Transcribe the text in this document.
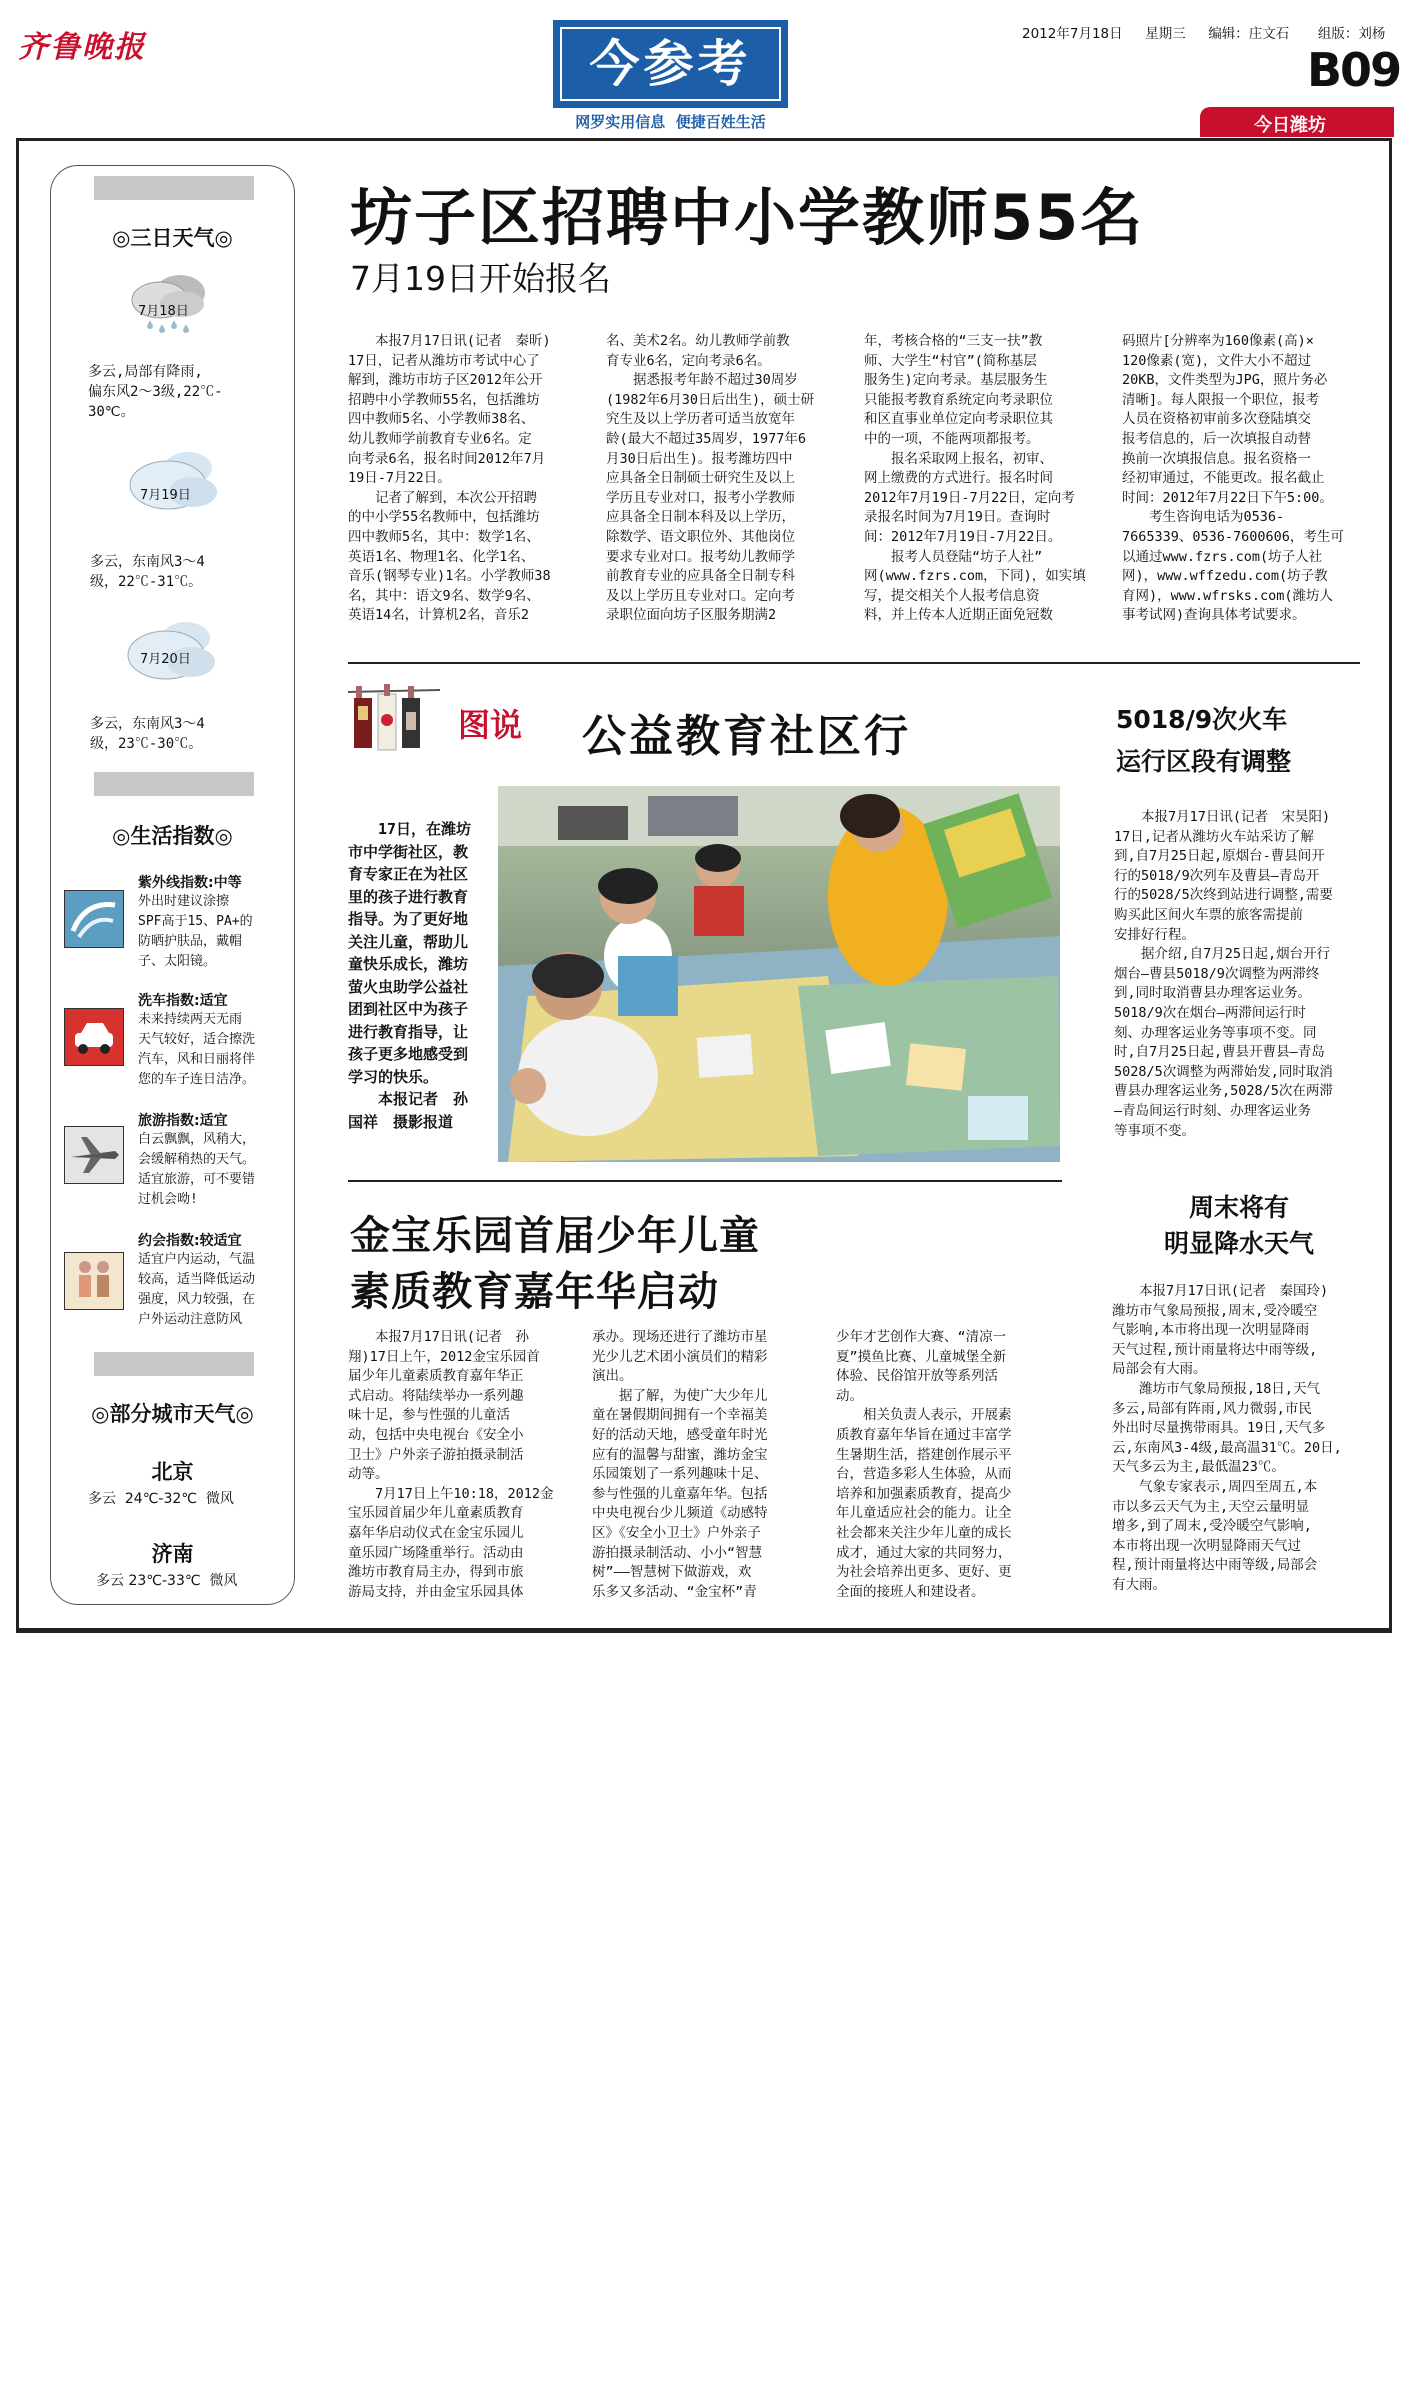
齐鲁晚报	今参考
网罗实用信息  便捷百姓生活
2012年7月18日 星期三 编辑：庄文石 组版：刘杨
B09
今日潍坊
◎三日天气◎
7月18日
多云,局部有降雨,
偏东风2～3级,22℃-
30℃。
7月19日
多云，东南风3～4
级，22℃-31℃。
7月20日
多云，东南风3～4
级，23℃-30℃。
◎生活指数◎
紫外线指数:中等
外出时建议涂擦
SPF高于15、PA+的
防晒护肤品，戴帽
子、太阳镜。
洗车指数:适宜
未来持续两天无雨
天气较好，适合擦洗
汽车，风和日丽将伴
您的车子连日洁净。
旅游指数:适宜
白云飘飘，风稍大，
会缓解稍热的天气。
适宜旅游，可不要错
过机会呦!
约会指数:较适宜
适宜户内运动，气温
较高，适当降低运动
强度，风力较强，在
户外运动注意防风
◎部分城市天气◎
北京
多云  24℃-32℃  微风
济南
多云 23℃-33℃  微风
坊子区招聘中小学教师55名
7月19日开始报名
　　本报7月17日讯(记者　秦昕)
17日，记者从潍坊市考试中心了
解到，潍坊市坊子区2012年公开
招聘中小学教师55名，包括潍坊
四中教师5名、小学教师38名、
幼儿教师学前教育专业6名。定
向考录6名，报名时间2012年7月
19日-7月22日。
　　记者了解到，本次公开招聘
的中小学55名教师中，包括潍坊
四中教师5名，其中：数学1名、
英语1名、物理1名、化学1名、
音乐(钢琴专业)1名。小学教师38
名，其中：语文9名、数学9名、
英语14名，计算机2名，音乐2
名、美术2名。幼儿教师学前教
育专业6名，定向考录6名。
　　据悉报考年龄不超过30周岁
(1982年6月30日后出生)，硕士研
究生及以上学历者可适当放宽年
龄(最大不超过35周岁，1977年6
月30日后出生)。报考潍坊四中
应具备全日制硕士研究生及以上
学历且专业对口，报考小学教师
应具备全日制本科及以上学历，
除数学、语文职位外、其他岗位
要求专业对口。报考幼儿教师学
前教育专业的应具备全日制专科
及以上学历且专业对口。定向考
录职位面向坊子区服务期满2
年，考核合格的“三支一扶”教
师、大学生“村官”(简称基层
服务生)定向考录。基层服务生
只能报考教育系统定向考录职位
和区直事业单位定向考录职位其
中的一项，不能两项都报考。
　　报名采取网上报名，初审、
网上缴费的方式进行。报名时间
2012年7月19日-7月22日，定向考
录报名时间为7月19日。查询时
间：2012年7月19日-7月22日。
　　报考人员登陆“坊子人社”
网(www.fzrs.com，下同)，如实填
写，提交相关个人报考信息资
料，并上传本人近期正面免冠数
码照片[分辨率为160像素(高)×
120像素(宽)，文件大小不超过
20KB，文件类型为JPG，照片务必
清晰]。每人限报一个职位，报考
人员在资格初审前多次登陆填交
报考信息的，后一次填报自动替
换前一次填报信息。报名资格一
经初审通过，不能更改。报名截止
时间：2012年7月22日下午5:00。
　　考生咨询电话为0536-
7665339、0536-7600606，考生可
以通过www.fzrs.com(坊子人社
网)，www.wffzedu.com(坊子教
育网)，www.wfrsks.com(潍坊人
事考试网)查询具体考试要求。
图说 公益教育社区行
　　17日，在潍坊
市中学街社区，教
育专家正在为社区
里的孩子进行教育
指导。为了更好地
关注儿童，帮助儿
童快乐成长，潍坊
萤火虫助学公益社
团到社区中为孩子
进行教育指导，让
孩子更多地感受到
学习的快乐。
　　本报记者　孙
国祥　摄影报道
5018/9次火车
运行区段有调整
　　本报7月17日讯(记者　宋昊阳)
17日,记者从潍坊火车站采访了解
到,自7月25日起,原烟台-曹县间开
行的5018/9次列车及曹县—青岛开
行的5028/5次终到站进行调整,需要
购买此区间火车票的旅客需提前
安排好行程。
　　据介绍,自7月25日起,烟台开行
烟台—曹县5018/9次调整为两滞终
到,同时取消曹县办理客运业务。
5018/9次在烟台—两滞间运行时
刻、办理客运业务等事项不变。同
时,自7月25日起,曹县开曹县—青岛
5028/5次调整为两滞始发,同时取消
曹县办理客运业务,5028/5次在两滞
—青岛间运行时刻、办理客运业务
等事项不变。
金宝乐园首届少年儿童
素质教育嘉年华启动
　　本报7月17日讯(记者　孙
翔)17日上午，2012金宝乐园首
届少年儿童素质教育嘉年华正
式启动。将陆续举办一系列趣
味十足，参与性强的儿童活
动，包括中央电视台《安全小
卫士》户外亲子游拍摄录制活
动等。
　　7月17日上午10:18，2012金
宝乐园首届少年儿童素质教育
嘉年华启动仪式在金宝乐园儿
童乐园广场隆重举行。活动由
潍坊市教育局主办，得到市旅
游局支持，并由金宝乐园具体
承办。现场还进行了潍坊市星
光少儿艺术团小演员们的精彩
演出。
　　据了解，为使广大少年儿
童在暑假期间拥有一个幸福美
好的活动天地，感受童年时光
应有的温馨与甜蜜，潍坊金宝
乐园策划了一系列趣味十足、
参与性强的儿童嘉年华。包括
中央电视台少儿频道《动感特
区》《安全小卫士》户外亲子
游拍摄录制活动、小小“智慧
树”——智慧树下做游戏，欢
乐多又多活动、“金宝杯”青
少年才艺创作大赛、“清凉一
夏”摸鱼比赛、儿童城堡全新
体验、民俗馆开放等系列活
动。
　　相关负责人表示，开展素
质教育嘉年华旨在通过丰富学
生暑期生活，搭建创作展示平
台，营造多彩人生体验，从而
培养和加强素质教育，提高少
年儿童适应社会的能力。让全
社会都来关注少年儿童的成长
成才，通过大家的共同努力，
为社会培养出更多、更好、更
全面的接班人和建设者。
周末将有
明显降水天气
　　本报7月17日讯(记者　秦国玲)
潍坊市气象局预报,周末,受冷暖空
气影响,本市将出现一次明显降雨
天气过程,预计雨量将达中雨等级,
局部会有大雨。
　　潍坊市气象局预报,18日,天气
多云,局部有阵雨,风力微弱,市民
外出时尽量携带雨具。19日,天气多
云,东南风3-4级,最高温31℃。20日,
天气多云为主,最低温23℃。
　　气象专家表示,周四至周五,本
市以多云天气为主,天空云量明显
增多,到了周末,受冷暖空气影响,
本市将出现一次明显降雨天气过
程,预计雨量将达中雨等级,局部会
有大雨。
